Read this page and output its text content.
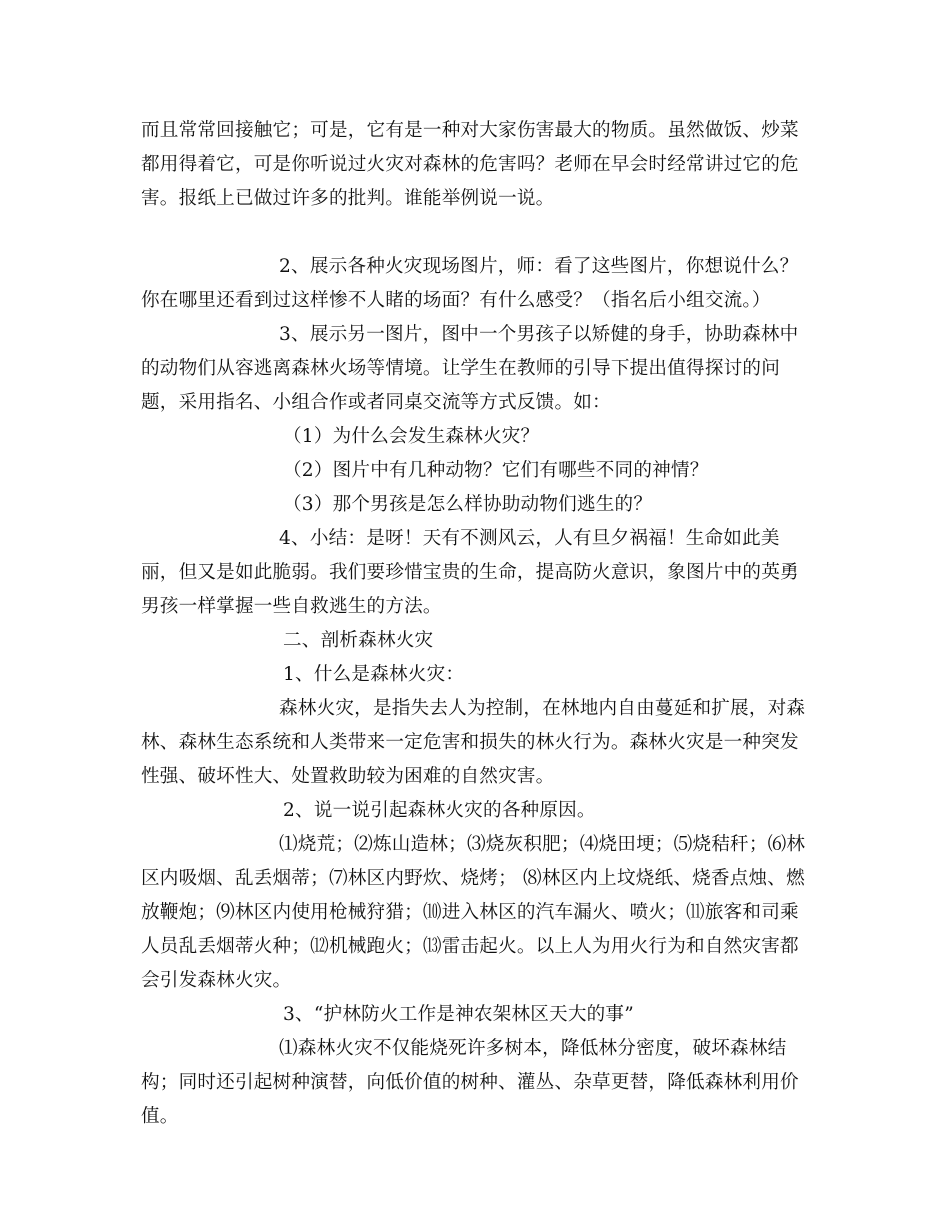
而且常常回接触它；可是，它有是一种对大家伤害最大的物质。虽然做饭、炒菜都用得着它，可是你听说过火灾对森林的危害吗？老师在早会时经常讲过它的危害。报纸上已做过许多的批判。谁能举例说一说。

2、展示各种火灾现场图片，师：看了这些图片，你想说什么？你在哪里还看到过这样惨不人睹的场面？有什么感受？（指名后小组交流。）

3、展示另一图片，图中一个男孩子以矫健的身手，协助森林中的动物们从容逃离森林火场等情境。让学生在教师的引导下提出值得探讨的问题，采用指名、小组合作或者同桌交流等方式反馈。如：

（1）为什么会发生森林火灾？

（2）图片中有几种动物？它们有哪些不同的神情？

（3）那个男孩是怎么样协助动物们逃生的？

4、小结：是呀！天有不测风云，人有旦夕祸福！生命如此美丽，但又是如此脆弱。我们要珍惜宝贵的生命，提高防火意识，象图片中的英勇男孩一样掌握一些自救逃生的方法。

二、剖析森林火灾

1、什么是森林火灾：

森林火灾，是指失去人为控制，在林地内自由蔓延和扩展，对森林、森林生态系统和人类带来一定危害和损失的林火行为。森林火灾是一种突发性强、破坏性大、处置救助较为困难的自然灾害。

2、说一说引起森林火灾的各种原因。

⑴烧荒；⑵炼山造林；⑶烧灰积肥；⑷烧田埂；⑸烧秸秆；⑹林区内吸烟、乱丢烟蒂；⑺林区内野炊、烧烤； ⑻林区内上坟烧纸、烧香点烛、燃放鞭炮；⑼林区内使用枪械狩猎；⑽进入林区的汽车漏火、喷火；⑾旅客和司乘人员乱丢烟蒂火种；⑿机械跑火；⒀雷击起火。以上人为用火行为和自然灾害都会引发森林火灾。

3、“护林防火工作是神农架林区天大的事”

⑴森林火灾不仅能烧死许多树本，降低林分密度，破坏森林结构；同时还引起树种演替，向低价值的树种、灌丛、杂草更替，降低森林利用价值。
